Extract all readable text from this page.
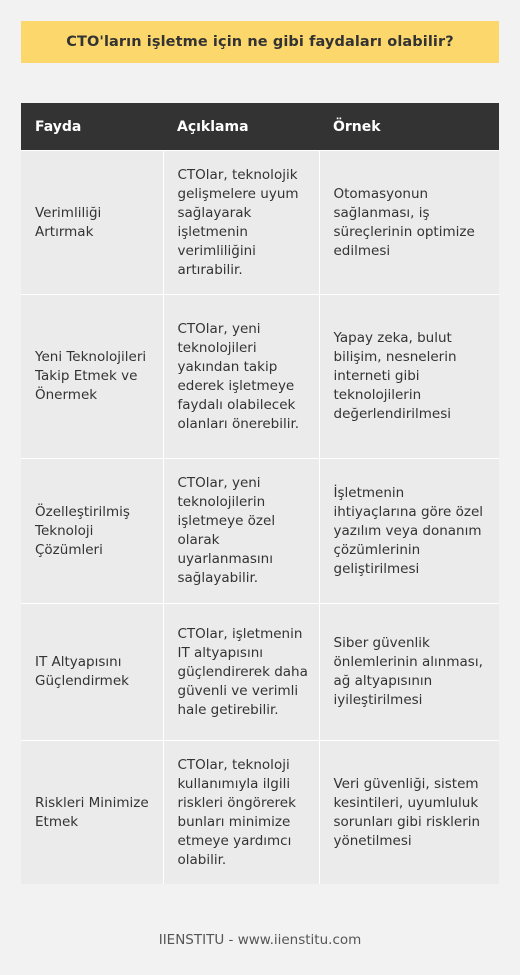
CTO'ların işletme için ne gibi faydaları olabilir?
Fayda	Açıklama	Örnek
Verimliliği Artırmak	CTOlar, teknolojik gelişmelere uyum sağlayarak işletmenin verimliliğini artırabilir.	Otomasyonun sağlanması, iş süreçlerinin optimize edilmesi
Yeni Teknolojileri Takip Etmek ve Önermek	CTOlar, yeni teknolojileri yakından takip ederek işletmeye faydalı olabilecek olanları önerebilir.	Yapay zeka, bulut bilişim, nesnelerin interneti gibi teknolojilerin değerlendirilmesi
Özelleştirilmiş Teknoloji Çözümleri	CTOlar, yeni teknolojilerin işletmeye özel olarak uyarlanmasını sağlayabilir.	İşletmenin ihtiyaçlarına göre özel yazılım veya donanım çözümlerinin geliştirilmesi
IT Altyapısını Güçlendirmek	CTOlar, işletmenin IT altyapısını güçlendirerek daha güvenli ve verimli hale getirebilir.	Siber güvenlik önlemlerinin alınması, ağ altyapısının iyileştirilmesi
Riskleri Minimize Etmek	CTOlar, teknoloji kullanımıyla ilgili riskleri öngörerek bunları minimize etmeye yardımcı olabilir.	Veri güvenliği, sistem kesintileri, uyumluluk sorunları gibi risklerin yönetilmesi
IIENSTITU - www.iienstitu.com
